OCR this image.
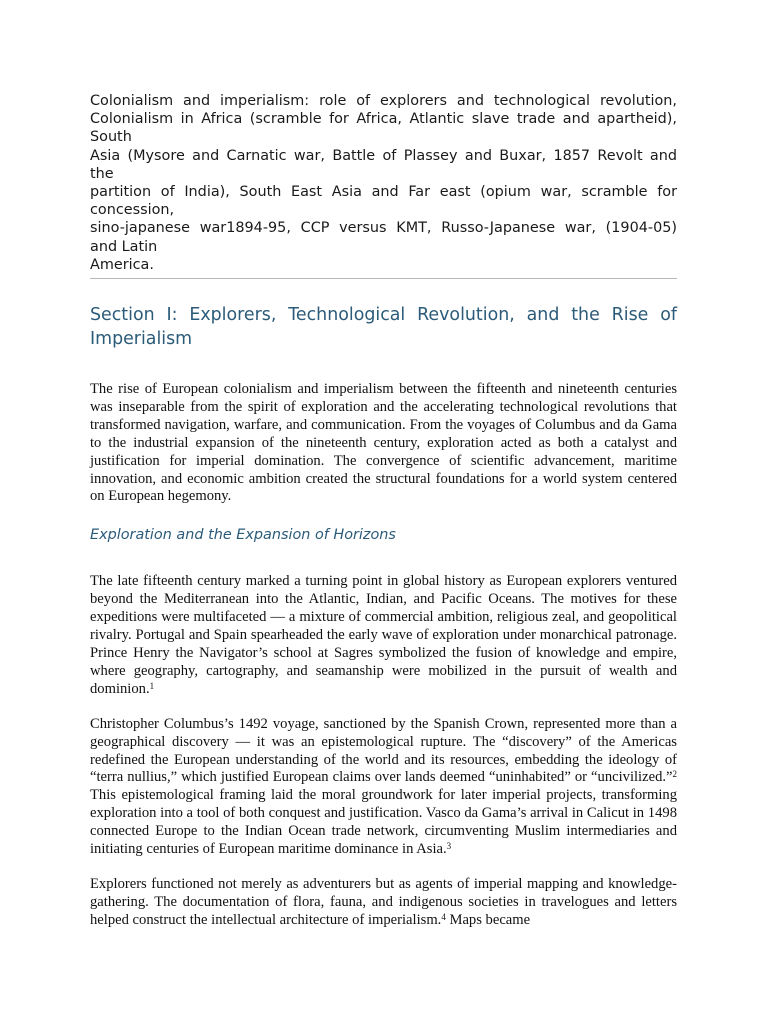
Colonialism and imperialism: role of explorers and technological revolution,
Colonialism in Africa (scramble for Africa, Atlantic slave trade and apartheid),
South
Asia (Mysore and Carnatic war, Battle of Plassey and Buxar, 1857 Revolt and
the
partition of India), South East Asia and Far east (opium war, scramble for
concession,
sino-japanese war1894-95, CCP versus KMT, Russo-Japanese war, (1904-05)
and Latin
America.
Section I: Explorers, Technological Revolution, and the Rise of Imperialism

The rise of European colonialism and imperialism between the fifteenth and nineteenth centuries was inseparable from the spirit of exploration and the accelerating technological revolutions that transformed navigation, warfare, and communication. From the voyages of Columbus and da Gama to the industrial expansion of the nineteenth century, exploration acted as both a catalyst and justification for imperial domination. The convergence of scientific advancement, maritime innovation, and economic ambition created the structural foundations for a world system centered on European hegemony.

Exploration and the Expansion of Horizons

The late fifteenth century marked a turning point in global history as European explorers ventured beyond the Mediterranean into the Atlantic, Indian, and Pacific Oceans. The motives for these expeditions were multifaceted — a mixture of commercial ambition, religious zeal, and geopolitical rivalry. Portugal and Spain spearheaded the early wave of exploration under monarchical patronage. Prince Henry the Navigator’s school at Sagres symbolized the fusion of knowledge and empire, where geography, cartography, and seamanship were mobilized in the pursuit of wealth and dominion.$^1$

Christopher Columbus’s 1492 voyage, sanctioned by the Spanish Crown, represented more than a geographical discovery — it was an epistemological rupture. The “discovery” of the Americas redefined the European understanding of the world and its resources, embedding the ideology of “terra nullius,” which justified European claims over lands deemed “uninhabited” or “uncivilized.”$^2$ This epistemological framing laid the moral groundwork for later imperial projects, transforming exploration into a tool of both conquest and justification. Vasco da Gama’s arrival in Calicut in 1498 connected Europe to the Indian Ocean trade network, circumventing Muslim intermediaries and initiating centuries of European maritime dominance in Asia.$^3$

Explorers functioned not merely as adventurers but as agents of imperial mapping and knowledge-gathering. The documentation of flora, fauna, and indigenous societies in travelogues and letters helped construct the intellectual architecture of imperialism.$^4$ Maps became
